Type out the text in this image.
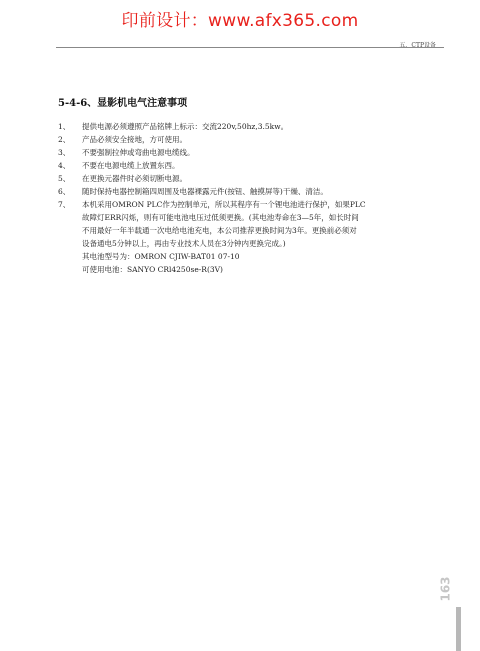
印前设计：www.afx365.com
五、CTP设备
5-4-6、显影机电气注意事项
1、 提供电源必须遵照产品铭牌上标示：交流220v,50hz,3.5kw。
2、 产品必须安全接地，方可使用。
3、 不要强制拉伸或弯曲电源电缆线。
4、 不要在电源电缆上放置东西。
5、 在更换元器件时必须切断电源。
6、 随时保持电器控制箱四周围及电器裸露元件(按钮、触摸屏等)干燥、清洁。
7、 本机采用OMRON PLC作为控制单元，所以其程序有一个锂电池进行保护，如果PLC
故障灯ERR闪烁，则有可能电池电压过低须更换。(其电池寿命在3—5年，如长时间
不用最好一年半载通一次电给电池充电，本公司推荐更换时间为3年。更换前必须对
设备通电5分钟以上，再由专业技术人员在3分钟内更换完成。)
其电池型号为：OMRON CJIW-BAT01 07-10
可使用电池：SANYO CRl4250se-R(3V)
163
